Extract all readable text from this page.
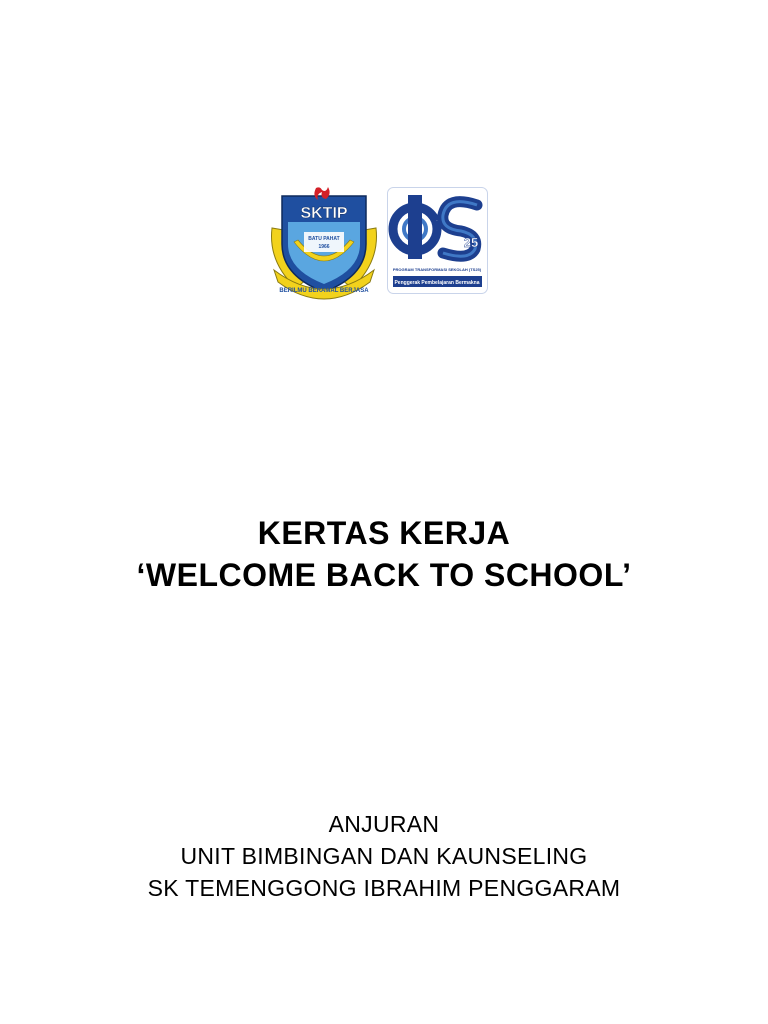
SKTIP
BATU PAHAT
1966
BERILMU BERAMAL BERJASA
tS
25
PROGRAM TRANSFORMASI SEKOLAH (TS25)
Penggerak Pembelajaran Bermakna
KERTAS KERJA
‘WELCOME BACK TO SCHOOL’
ANJURAN
UNIT BIMBINGAN DAN KAUNSELING
SK TEMENGGONG IBRAHIM PENGGARAM
